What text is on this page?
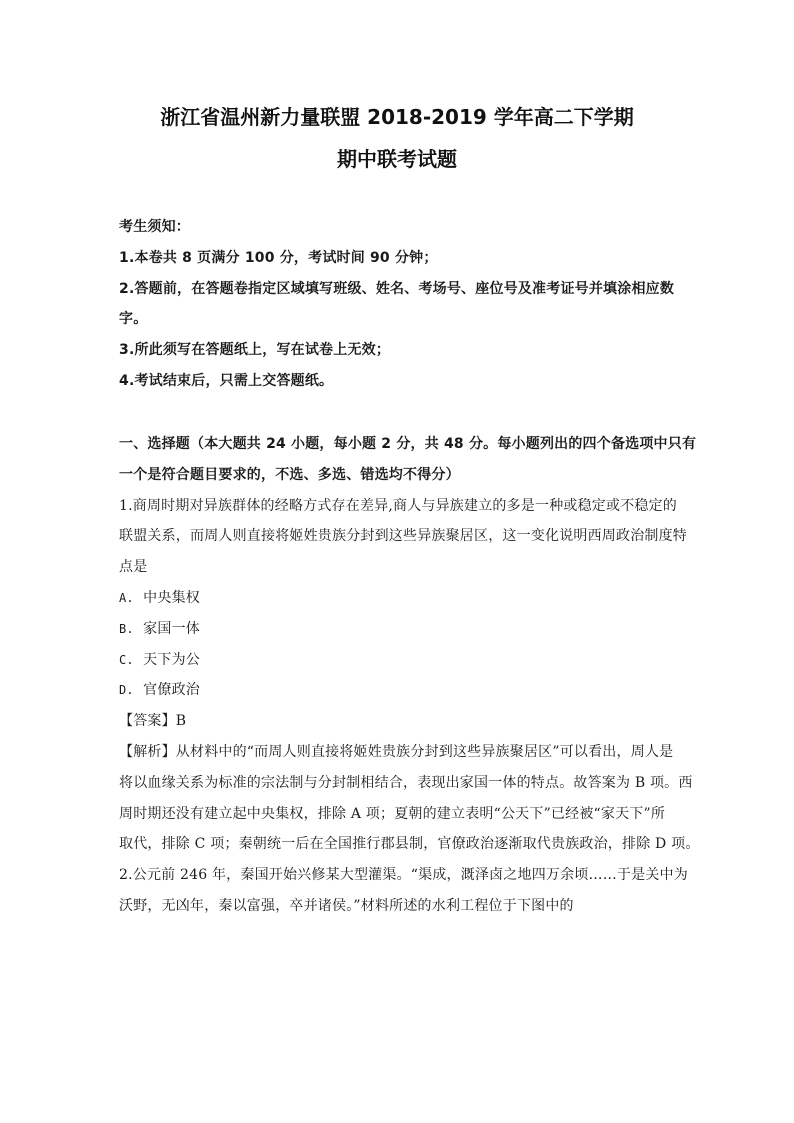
浙江省温州新力量联盟 2018-2019 学年高二下学期
期中联考试题
考生须知：
1.本卷共 8 页满分 100 分，考试时间 90 分钟；
2.答题前，在答题卷指定区域填写班级、姓名、考场号、座位号及准考证号并填涂相应数
字。
3.所此须写在答题纸上，写在试卷上无效；
4.考试结束后，只需上交答题纸。
一、选择题（本大题共 24 小题，每小题 2 分，共 48 分。每小题列出的四个备选项中只有
一个是符合题目要求的，不选、多选、错选均不得分）
1.商周时期对异族群体的经略方式存在差异,商人与异族建立的多是一种或稳定或不稳定的
联盟关系，而周人则直接将姬姓贵族分封到这些异族聚居区，这一变化说明西周政治制度特
点是
A. 中央集权
B. 家国一体
C. 天下为公
D. 官僚政治
【答案】B
【解析】从材料中的“而周人则直接将姬姓贵族分封到这些异族聚居区”可以看出，周人是
将以血缘关系为标准的宗法制与分封制相结合，表现出家国一体的特点。故答案为 B 项。西
周时期还没有建立起中央集权，排除 A 项；夏朝的建立表明“公天下”已经被“家天下”所
取代，排除 C 项；秦朝统一后在全国推行郡县制，官僚政治逐渐取代贵族政治，排除 D 项。
2.公元前 246 年，秦国开始兴修某大型灌渠。“渠成，溉泽卤之地四万余顷……于是关中为
沃野，无凶年，秦以富强，卒并诸侯。”材料所述的水利工程位于下图中的
